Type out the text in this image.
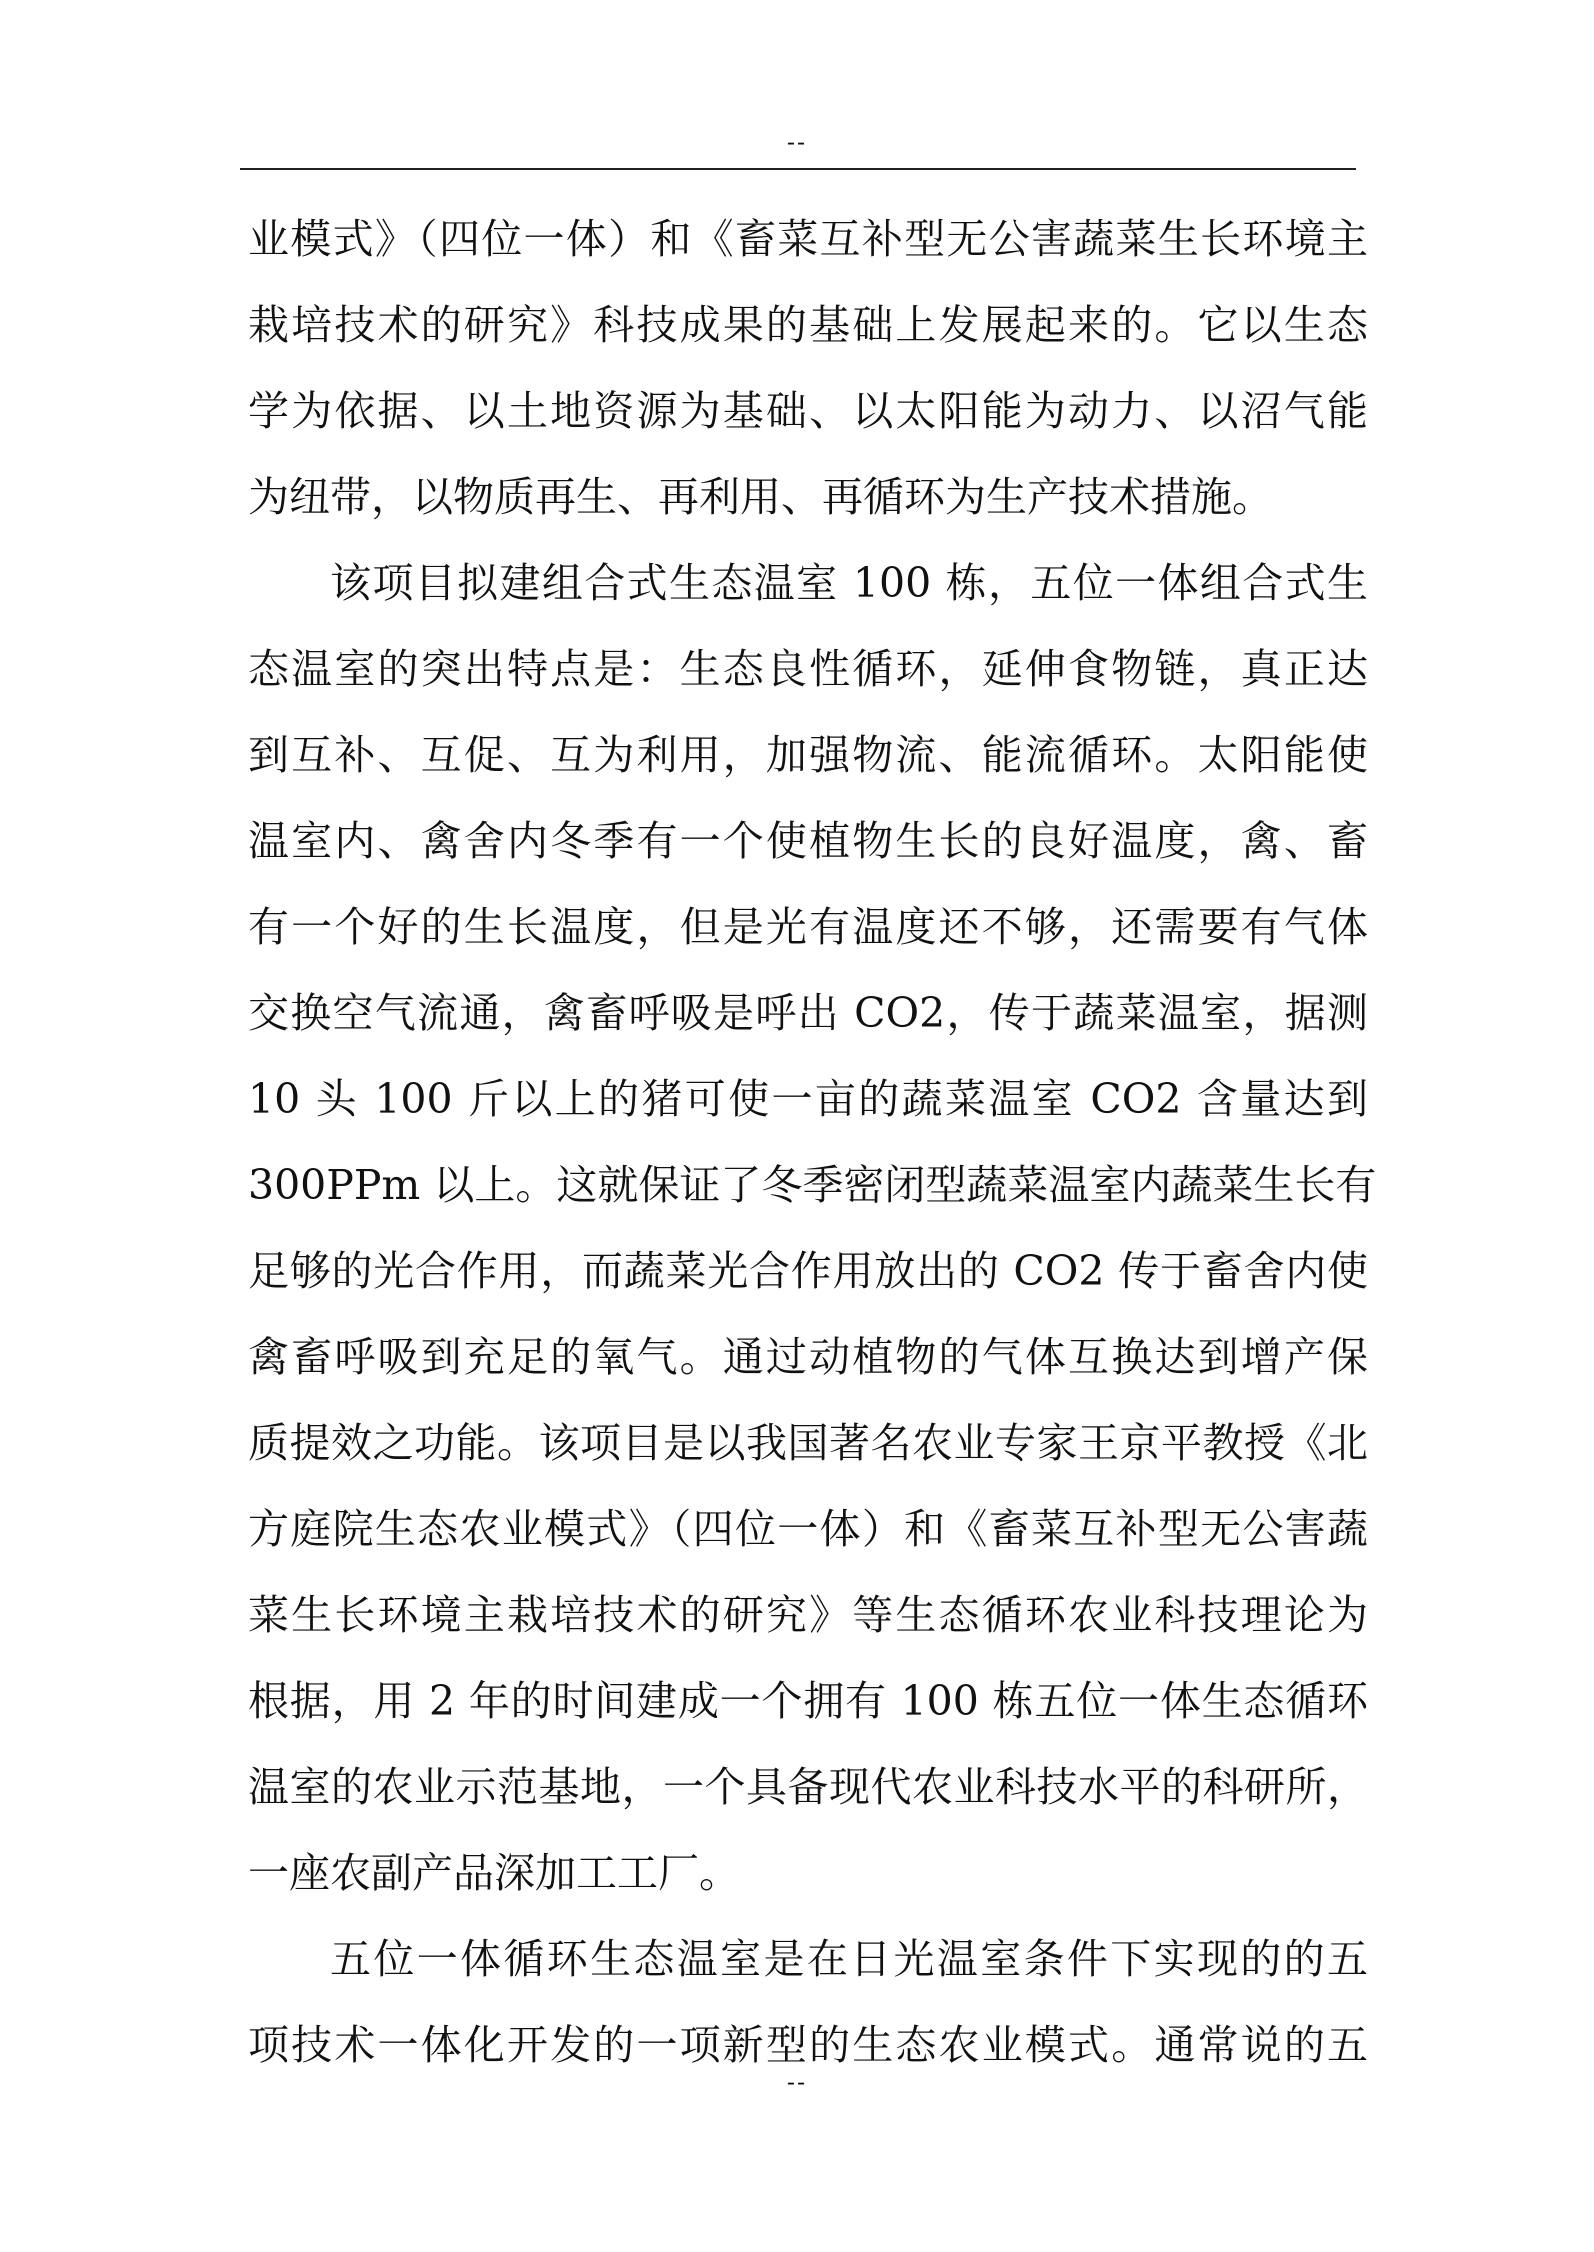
--
业模式》（四位一体）和《畜菜互补型无公害蔬菜生长环境主
栽培技术的研究》科技成果的基础上发展起来的。它以生态
学为依据、以土地资源为基础、以太阳能为动力、以沼气能
为纽带，以物质再生、再利用、再循环为生产技术措施。
该项目拟建组合式生态温室 100 栋，五位一体组合式生
态温室的突出特点是：生态良性循环，延伸食物链，真正达
到互补、互促、互为利用，加强物流、能流循环。太阳能使
温室内、禽舍内冬季有一个使植物生长的良好温度，禽、畜
有一个好的生长温度，但是光有温度还不够，还需要有气体
交换空气流通，禽畜呼吸是呼出 CO2，传于蔬菜温室，据测
10 头 100 斤以上的猪可使一亩的蔬菜温室 CO2 含量达到
300PPm 以上。这就保证了冬季密闭型蔬菜温室内蔬菜生长有
足够的光合作用，而蔬菜光合作用放出的 CO2 传于畜舍内使
禽畜呼吸到充足的氧气。通过动植物的气体互换达到增产保
质提效之功能。该项目是以我国著名农业专家王京平教授《北
方庭院生态农业模式》（四位一体）和《畜菜互补型无公害蔬
菜生长环境主栽培技术的研究》等生态循环农业科技理论为
根据，用 2 年的时间建成一个拥有 100 栋五位一体生态循环
温室的农业示范基地，一个具备现代农业科技水平的科研所，
一座农副产品深加工工厂。
五位一体循环生态温室是在日光温室条件下实现的的五
项技术一体化开发的一项新型的生态农业模式。通常说的五
--
